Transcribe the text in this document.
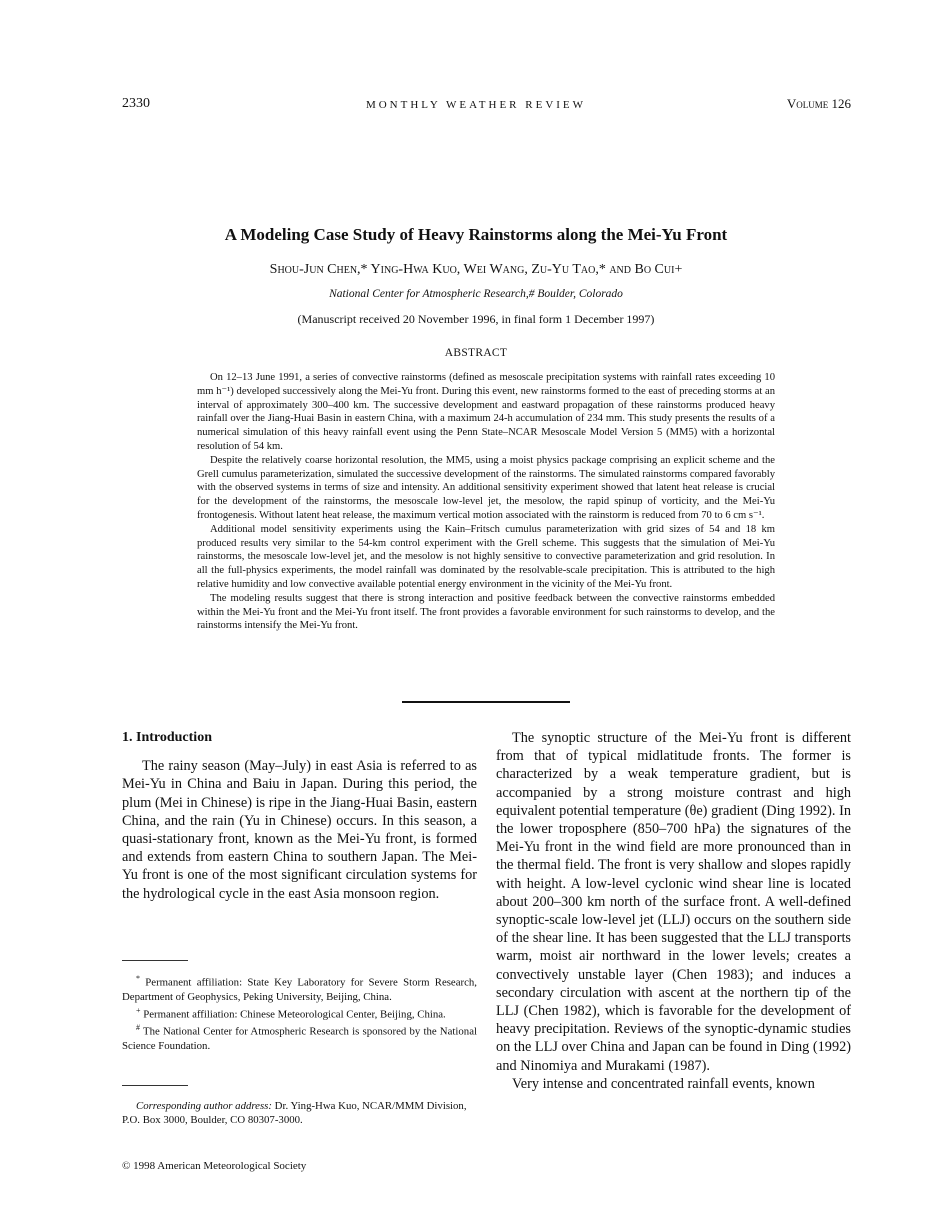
2330	MONTHLY WEATHER REVIEW	Volume 126
A Modeling Case Study of Heavy Rainstorms along the Mei-Yu Front
Shou-Jun Chen,* Ying-Hwa Kuo, Wei Wang, Zu-Yu Tao,* and Bo Cui+
National Center for Atmospheric Research,# Boulder, Colorado
(Manuscript received 20 November 1996, in final form 1 December 1997)
ABSTRACT

On 12–13 June 1991, a series of convective rainstorms (defined as mesoscale precipitation systems with rainfall rates exceeding 10 mm h⁻¹) developed successively along the Mei-Yu front. During this event, new rainstorms formed to the east of preceding storms at an interval of approximately 300–400 km. The successive development and eastward propagation of these rainstorms produced heavy rainfall over the Jiang-Huai Basin in eastern China, with a maximum 24-h accumulation of 234 mm. This study presents the results of a numerical simulation of this heavy rainfall event using the Penn State–NCAR Mesoscale Model Version 5 (MM5) with a horizontal resolution of 54 km.

Despite the relatively coarse horizontal resolution, the MM5, using a moist physics package comprising an explicit scheme and the Grell cumulus parameterization, simulated the successive development of the rainstorms. The simulated rainstorms compared favorably with the observed systems in terms of size and intensity. An additional sensitivity experiment showed that latent heat release is crucial for the development of the rainstorms, the mesoscale low-level jet, the mesolow, the rapid spinup of vorticity, and the Mei-Yu frontogenesis. Without latent heat release, the maximum vertical motion associated with the rainstorm is reduced from 70 to 6 cm s⁻¹.

Additional model sensitivity experiments using the Kain–Fritsch cumulus parameterization with grid sizes of 54 and 18 km produced results very similar to the 54-km control experiment with the Grell scheme. This suggests that the simulation of Mei-Yu rainstorms, the mesoscale low-level jet, and the mesolow is not highly sensitive to convective parameterization and grid resolution. In all the full-physics experiments, the model rainfall was dominated by the resolvable-scale precipitation. This is attributed to the high relative humidity and low convective available potential energy environment in the vicinity of the Mei-Yu front.

The modeling results suggest that there is strong interaction and positive feedback between the convective rainstorms embedded within the Mei-Yu front and the Mei-Yu front itself. The front provides a favorable environment for such rainstorms to develop, and the rainstorms intensify the Mei-Yu front.

1. Introduction

The rainy season (May–July) in east Asia is referred to as Mei-Yu in China and Baiu in Japan. During this period, the plum (Mei in Chinese) is ripe in the Jiang-Huai Basin, eastern China, and the rain (Yu in Chinese) occurs. In this season, a quasi-stationary front, known as the Mei-Yu front, is formed and extends from eastern China to southern Japan. The Mei-Yu front is one of the most significant circulation systems for the hydrological cycle in the east Asia monsoon region.

* Permanent affiliation: State Key Laboratory for Severe Storm Research, Department of Geophysics, Peking University, Beijing, China.

+ Permanent affiliation: Chinese Meteorological Center, Beijing, China.

# The National Center for Atmospheric Research is sponsored by the National Science Foundation.

Corresponding author address: Dr. Ying-Hwa Kuo, NCAR/MMM Division, P.O. Box 3000, Boulder, CO 80307-3000.

The synoptic structure of the Mei-Yu front is different from that of typical midlatitude fronts. The former is characterized by a weak temperature gradient, but is accompanied by a strong moisture contrast and high equivalent potential temperature (θe) gradient (Ding 1992). In the lower troposphere (850–700 hPa) the signatures of the Mei-Yu front in the wind field are more pronounced than in the thermal field. The front is very shallow and slopes rapidly with height. A low-level cyclonic wind shear line is located about 200–300 km north of the surface front. A well-defined synoptic-scale low-level jet (LLJ) occurs on the southern side of the shear line. It has been suggested that the LLJ transports warm, moist air northward in the lower levels; creates a convectively unstable layer (Chen 1983); and induces a secondary circulation with ascent at the northern tip of the LLJ (Chen 1982), which is favorable for the development of heavy precipitation. Reviews of the synoptic-dynamic studies on the LLJ over China and Japan can be found in Ding (1992) and Ninomiya and Murakami (1987).

Very intense and concentrated rainfall events, known

© 1998 American Meteorological Society
